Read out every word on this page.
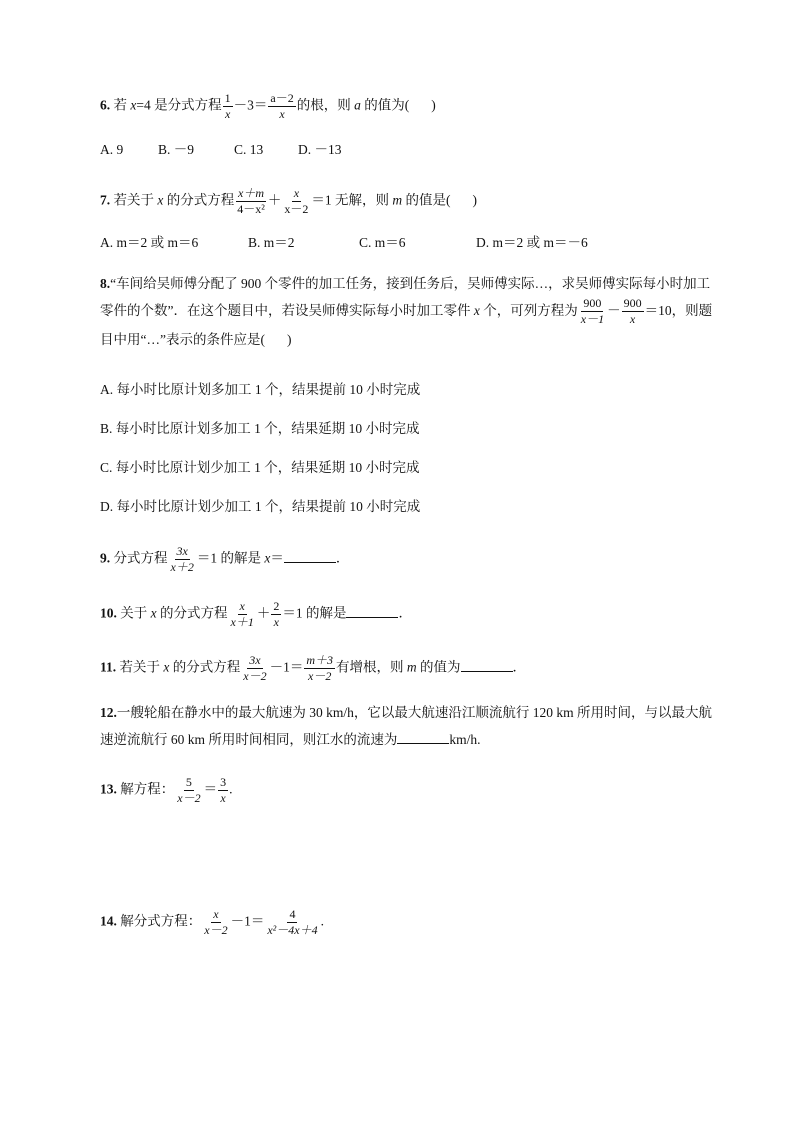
6. 若 x=4 是分式方程 $\frac{1}{x} -3= \frac{a-2}{x}$ 的根，则 a 的值为( )
A. 9	B. －9	C. 13	D. －13
7. 若关于 x 的分式方程 $\frac{x+m}{\text{4－x²}} + \frac{x}{x-2} =1$ 无解，则 m 的值是( )
A. m＝2 或 m＝6	B. m＝2	C. m＝6	D. m＝2 或 m＝－6
8.“车间给吴师傅分配了 900 个零件的加工任务，接到任务后，吴师傅实际…，求吴师傅实际每小时加工零件的个数”．在这个题目中，若设吴师傅实际每小时加工零件 x 个，可列方程为 $\frac{900}{x-1} - \frac{900}{x} =10$，则题目中用“…”表示的条件应是( )
A. 每小时比原计划多加工 1 个，结果提前 10 小时完成
B. 每小时比原计划多加工 1 个，结果延期 10 小时完成
C. 每小时比原计划少加工 1 个，结果延期 10 小时完成
D. 每小时比原计划少加工 1 个，结果提前 10 小时完成
9. 分式方程 $\frac{3x}{x+2} =1$ 的解是 x＝	．
10. 关于 x 的分式方程 $\frac{x}{x+1} + \frac{2}{x} =1$ 的解是	．
11. 若关于 x 的分式方程 $\frac{3x}{x-2} -1= \frac{m+3}{x-2}$ 有增根，则 m 的值为	．
12.一艘轮船在静水中的最大航速为 30 km/h，它以最大航速沿江顺流航行 120 km 所用时间，与以最大航速逆流航行 60 km 所用时间相同，则江水的流速为	km/h.
13. 解方程： $\frac{5}{x-2} = \frac{3}{x}$ .
14. 解分式方程： $\frac{x}{x-2} -1= \frac{4}{\text{x²－4x＋4}}$ .
